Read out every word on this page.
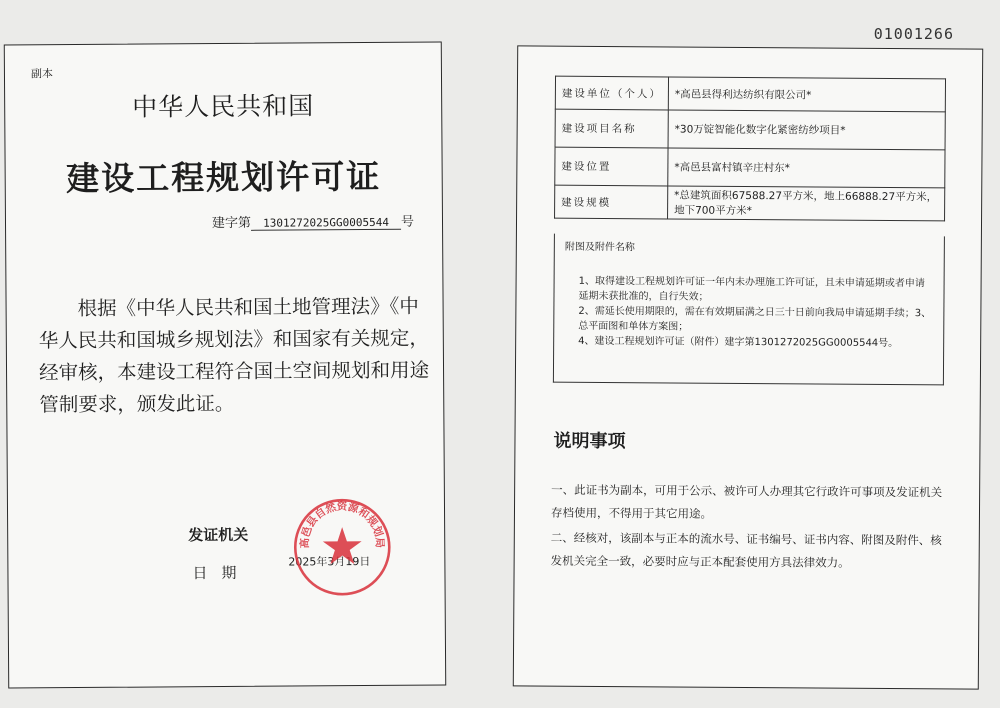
01001266
副本
中华人民共和国
建设工程规划许可证
建字第 1301272025GG0005544 号

根据《中华人民共和国土地管理法》《中

华人民共和国城乡规划法》和国家有关规定，

经审核，本建设工程符合国土空间规划和用途

管制要求，颁发此证。

发证机关
日期
2025年3月19日
高邑县自然资源和规划局
建设单位（个人）	*高邑县得利达纺织有限公司*
建设项目名称	*30万锭智能化数字化紧密纺纱项目*
建设位置	*高邑县富村镇辛庄村东*
建设规模	*总建筑面积67588.27平方米，地上66888.27平方米，地下700平方米*
附图及附件名称

1、取得建设工程规划许可证一年内未办理施工许可证，且未申请延期或者申请延期未获批准的，自行失效；

2、需延长使用期限的，需在有效期届满之日三十日前向我局申请延期手续；3、总平面图和单体方案图；

4、建设工程规划许可证（附件）建字第1301272025GG0005544号。

说明事项

一、此证书为副本，可用于公示、被许可人办理其它行政许可事项及发证机关存档使用，不得用于其它用途。

二、经核对，该副本与正本的流水号、证书编号、证书内容、附图及附件、核发机关完全一致，必要时应与正本配套使用方具法律效力。
